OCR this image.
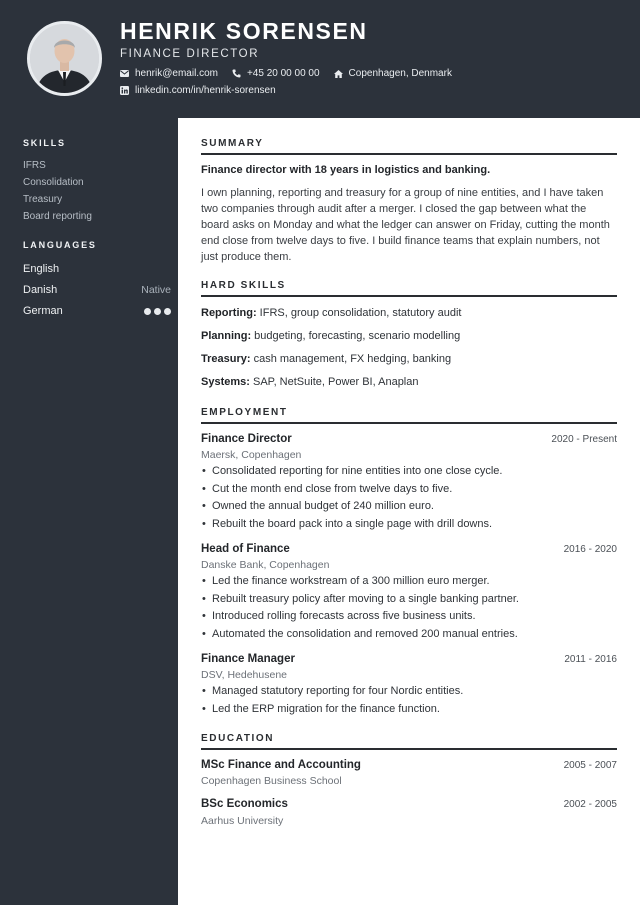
HENRIK SORENSEN
FINANCE DIRECTOR
henrik@email.com	+45 20 00 00 00	Copenhagen, Denmark
linkedin.com/in/henrik-sorensen
SKILLS
IFRS
Consolidation
Treasury
Board reporting
LANGUAGES
English
Danish	Native
German
SUMMARY
Finance director with 18 years in logistics and banking.
I own planning, reporting and treasury for a group of nine entities, and I have taken two companies through audit after a merger. I closed the gap between what the board asks on Monday and what the ledger can answer on Friday, cutting the month end close from twelve days to five. I build finance teams that explain numbers, not just produce them.
HARD SKILLS
Reporting: IFRS, group consolidation, statutory audit
Planning: budgeting, forecasting, scenario modelling
Treasury: cash management, FX hedging, banking
Systems: SAP, NetSuite, Power BI, Anaplan
EMPLOYMENT
Finance Director	2020 - Present
Maersk, Copenhagen
• Consolidated reporting for nine entities into one close cycle.
• Cut the month end close from twelve days to five.
• Owned the annual budget of 240 million euro.
• Rebuilt the board pack into a single page with drill downs.
Head of Finance	2016 - 2020
Danske Bank, Copenhagen
• Led the finance workstream of a 300 million euro merger.
• Rebuilt treasury policy after moving to a single banking partner.
• Introduced rolling forecasts across five business units.
• Automated the consolidation and removed 200 manual entries.
Finance Manager	2011 - 2016
DSV, Hedehusene
• Managed statutory reporting for four Nordic entities.
• Led the ERP migration for the finance function.
EDUCATION
MSc Finance and Accounting	2005 - 2007
Copenhagen Business School
BSc Economics	2002 - 2005
Aarhus University
